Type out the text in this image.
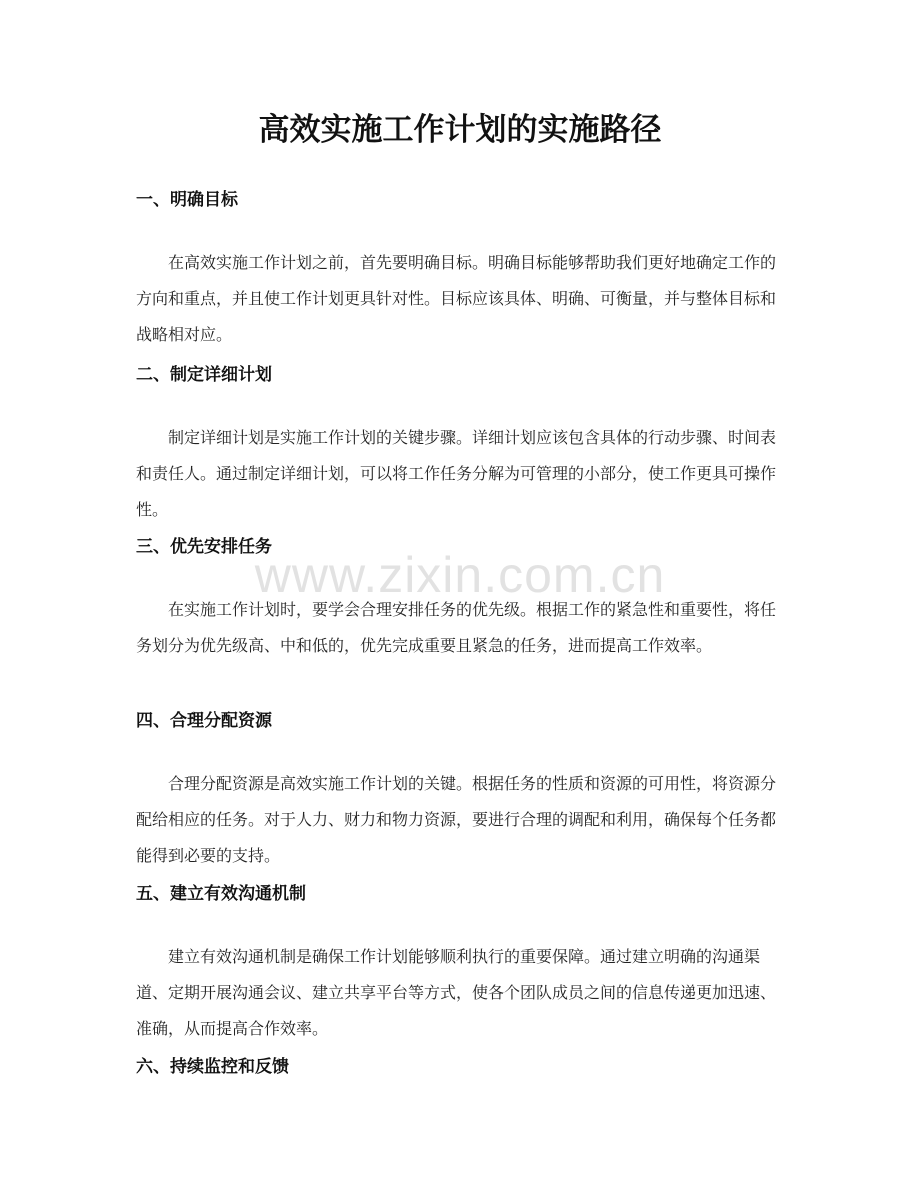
高效实施工作计划的实施路径
www.zixin.com.cn
一、明确目标

在高效实施工作计划之前，首先要明确目标。明确目标能够帮助我们更好地确定工作的方向和重点，并且使工作计划更具针对性。目标应该具体、明确、可衡量，并与整体目标和战略相对应。

二、制定详细计划

制定详细计划是实施工作计划的关键步骤。详细计划应该包含具体的行动步骤、时间表和责任人。通过制定详细计划，可以将工作任务分解为可管理的小部分，使工作更具可操作性。

三、优先安排任务

在实施工作计划时，要学会合理安排任务的优先级。根据工作的紧急性和重要性，将任务划分为优先级高、中和低的，优先完成重要且紧急的任务，进而提高工作效率。

四、合理分配资源

合理分配资源是高效实施工作计划的关键。根据任务的性质和资源的可用性，将资源分配给相应的任务。对于人力、财力和物力资源，要进行合理的调配和利用，确保每个任务都能得到必要的支持。

五、建立有效沟通机制

建立有效沟通机制是确保工作计划能够顺利执行的重要保障。通过建立明确的沟通渠道、定期开展沟通会议、建立共享平台等方式，使各个团队成员之间的信息传递更加迅速、准确，从而提高合作效率。

六、持续监控和反馈
